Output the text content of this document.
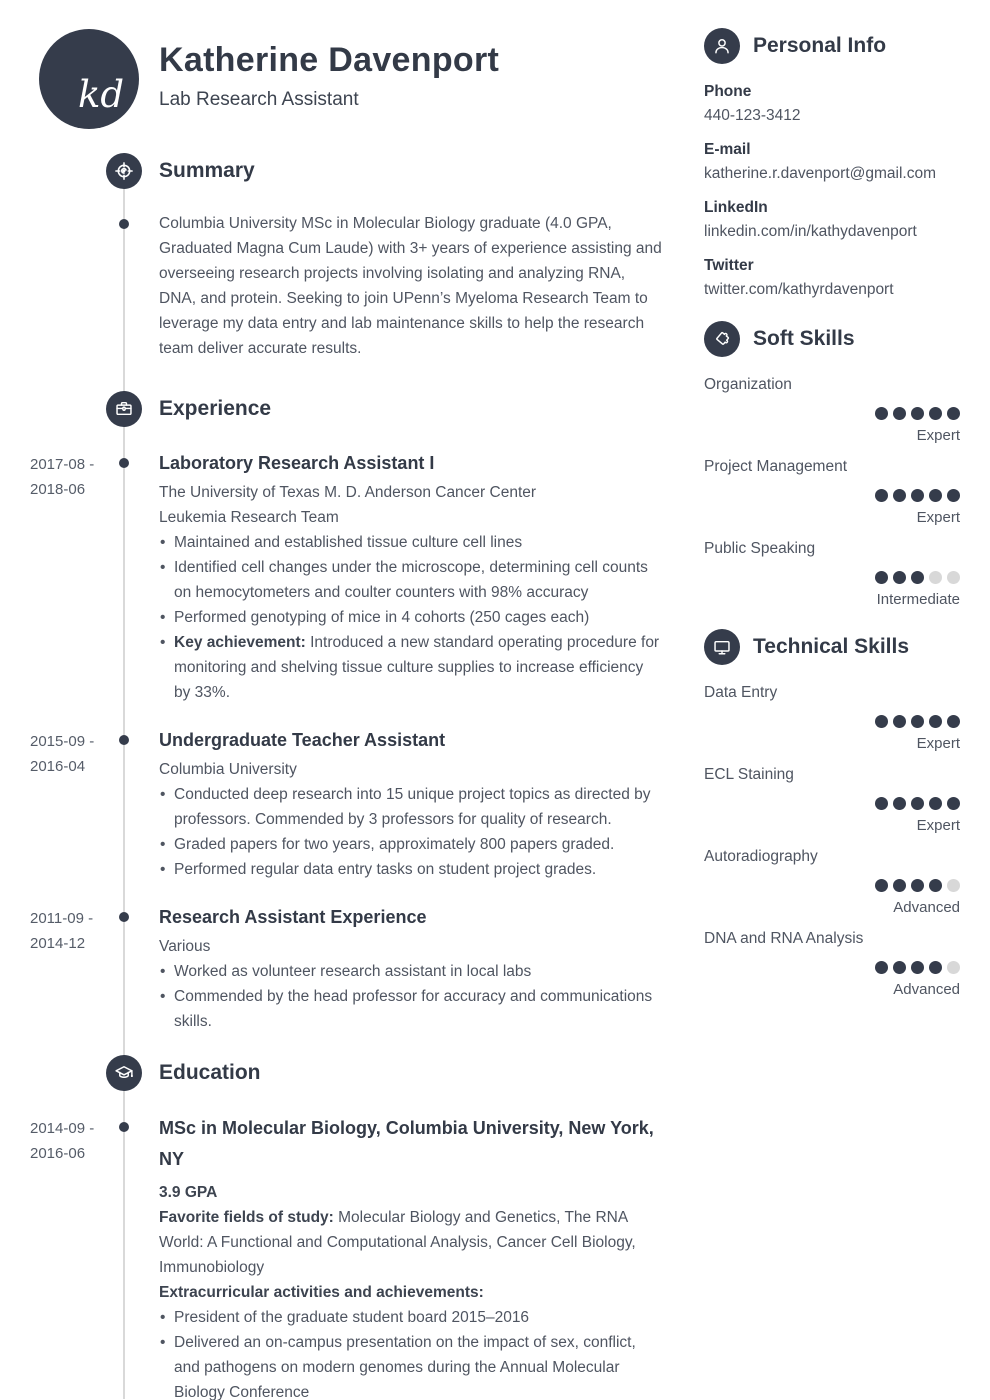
kd
Katherine Davenport
Lab Research Assistant
Summary

Columbia University MSc in Molecular Biology graduate (4.0 GPA, Graduated Magna Cum Laude) with 3+ years of experience assisting and overseeing research projects involving isolating and analyzing RNA, DNA, and protein. Seeking to join UPenn’s Myeloma Research Team to leverage my data entry and lab maintenance skills to help the research team deliver accurate results.

Experience
2017-08 -
2018-06
Laboratory Research Assistant I
The University of Texas M. D. Anderson Cancer Center
Leukemia Research Team
• Maintained and established tissue culture cell lines
• Identified cell changes under the microscope, determining cell counts on hemocytometers and coulter counters with 98% accuracy
• Performed genotyping of mice in 4 cohorts (250 cages each)
• Key achievement: Introduced a new standard operating procedure for monitoring and shelving tissue culture supplies to increase efficiency by 33%.
2015-09 -
2016-04
Undergraduate Teacher Assistant
Columbia University
• Conducted deep research into 15 unique project topics as directed by professors. Commended by 3 professors for quality of research.
• Graded papers for two years, approximately 800 papers graded.
• Performed regular data entry tasks on student project grades.
2011-09 -
2014-12
Research Assistant Experience
Various
• Worked as volunteer research assistant in local labs
• Commended by the head professor for accuracy and communications skills.
Education
2014-09 -
2016-06
MSc in Molecular Biology, Columbia University, New York, NY
3.9 GPA
Favorite fields of study: Molecular Biology and Genetics, The RNA World: A Functional and Computational Analysis, Cancer Cell Biology, Immunobiology
Extracurricular activities and achievements:
• President of the graduate student board 2015–2016
• Delivered an on-campus presentation on the impact of sex, conflict, and pathogens on modern genomes during the Annual Molecular Biology Conference
Personal Info
Phone
440-123-3412
E-mail
katherine.r.davenport@gmail.com
LinkedIn
linkedin.com/in/kathydavenport
Twitter
twitter.com/kathyrdavenport
Soft Skills
Organization
Expert
Project Management
Expert
Public Speaking
Intermediate
Technical Skills
Data Entry
Expert
ECL Staining
Expert
Autoradiography
Advanced
DNA and RNA Analysis
Advanced
